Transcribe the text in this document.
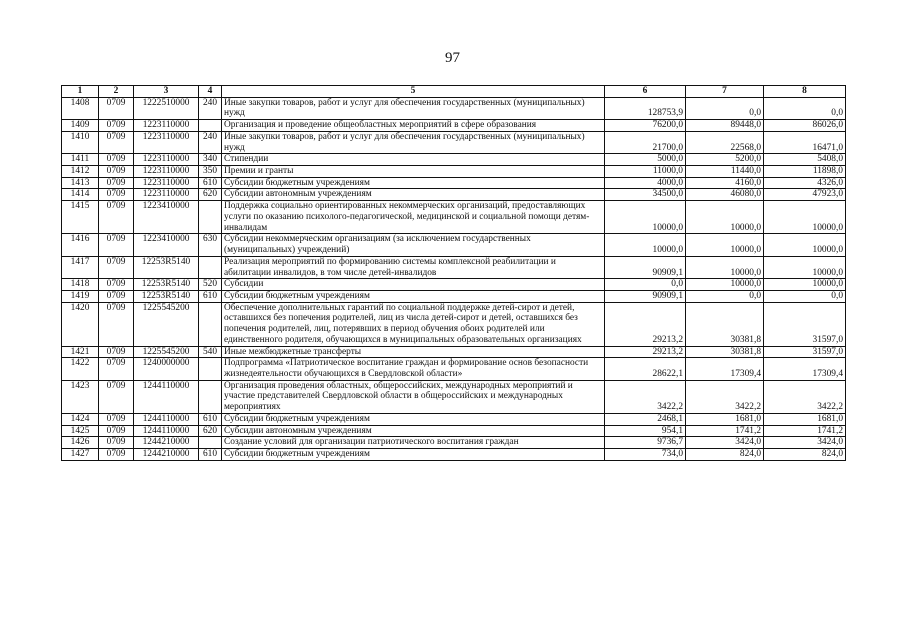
97
1	2	3	4	5	6	7	8
1408	0709	1222510000	240	Иные закупки товаров, работ и услуг для обеспечения государственных (муниципальных) нужд	128753,9	0,0	0,0
1409	0709	1223110000		Организация и проведение общеобластных мероприятий в сфере образования	76200,0	89448,0	86026,0
1410	0709	1223110000	240	Иные закупки товаров, работ и услуг для обеспечения государственных (муниципальных) нужд	21700,0	22568,0	16471,0
1411	0709	1223110000	340	Стипендии	5000,0	5200,0	5408,0
1412	0709	1223110000	350	Премии и гранты	11000,0	11440,0	11898,0
1413	0709	1223110000	610	Субсидии бюджетным учреждениям	4000,0	4160,0	4326,0
1414	0709	1223110000	620	Субсидии автономным учреждениям	34500,0	46080,0	47923,0
1415	0709	1223410000		Поддержка социально ориентированных некоммерческих организаций, предоставляющих услуги по оказанию психолого-педагогической, медицинской и социальной помощи детям-инвалидам	10000,0	10000,0	10000,0
1416	0709	1223410000	630	Субсидии некоммерческим организациям (за исключением государственных (муниципальных) учреждений)	10000,0	10000,0	10000,0
1417	0709	12253R5140		Реализация мероприятий по формированию системы комплексной реабилитации и абилитации инвалидов, в том числе детей-инвалидов	90909,1	10000,0	10000,0
1418	0709	12253R5140	520	Субсидии	0,0	10000,0	10000,0
1419	0709	12253R5140	610	Субсидии бюджетным учреждениям	90909,1	0,0	0,0
1420	0709	1225545200		Обеспечение дополнительных гарантий по социальной поддержке детей-сирот и детей, оставшихся без попечения родителей, лиц из числа детей-сирот и детей, оставшихся без попечения родителей, лиц, потерявших в период обучения обоих родителей или единственного родителя, обучающихся в муниципальных образовательных организациях	29213,2	30381,8	31597,0
1421	0709	1225545200	540	Иные межбюджетные трансферты	29213,2	30381,8	31597,0
1422	0709	1240000000		Подпрограмма «Патриотическое воспитание граждан и формирование основ безопасности жизнедеятельности обучающихся в Свердловской области»	28622,1	17309,4	17309,4
1423	0709	1244110000		Организация проведения областных, общероссийских, международных мероприятий и участие представителей Свердловской области в общероссийских и международных мероприятиях	3422,2	3422,2	3422,2
1424	0709	1244110000	610	Субсидии бюджетным учреждениям	2468,1	1681,0	1681,0
1425	0709	1244110000	620	Субсидии автономным учреждениям	954,1	1741,2	1741,2
1426	0709	1244210000		Создание условий для организации патриотического воспитания граждан	9736,7	3424,0	3424,0
1427	0709	1244210000	610	Субсидии бюджетным учреждениям	734,0	824,0	824,0
